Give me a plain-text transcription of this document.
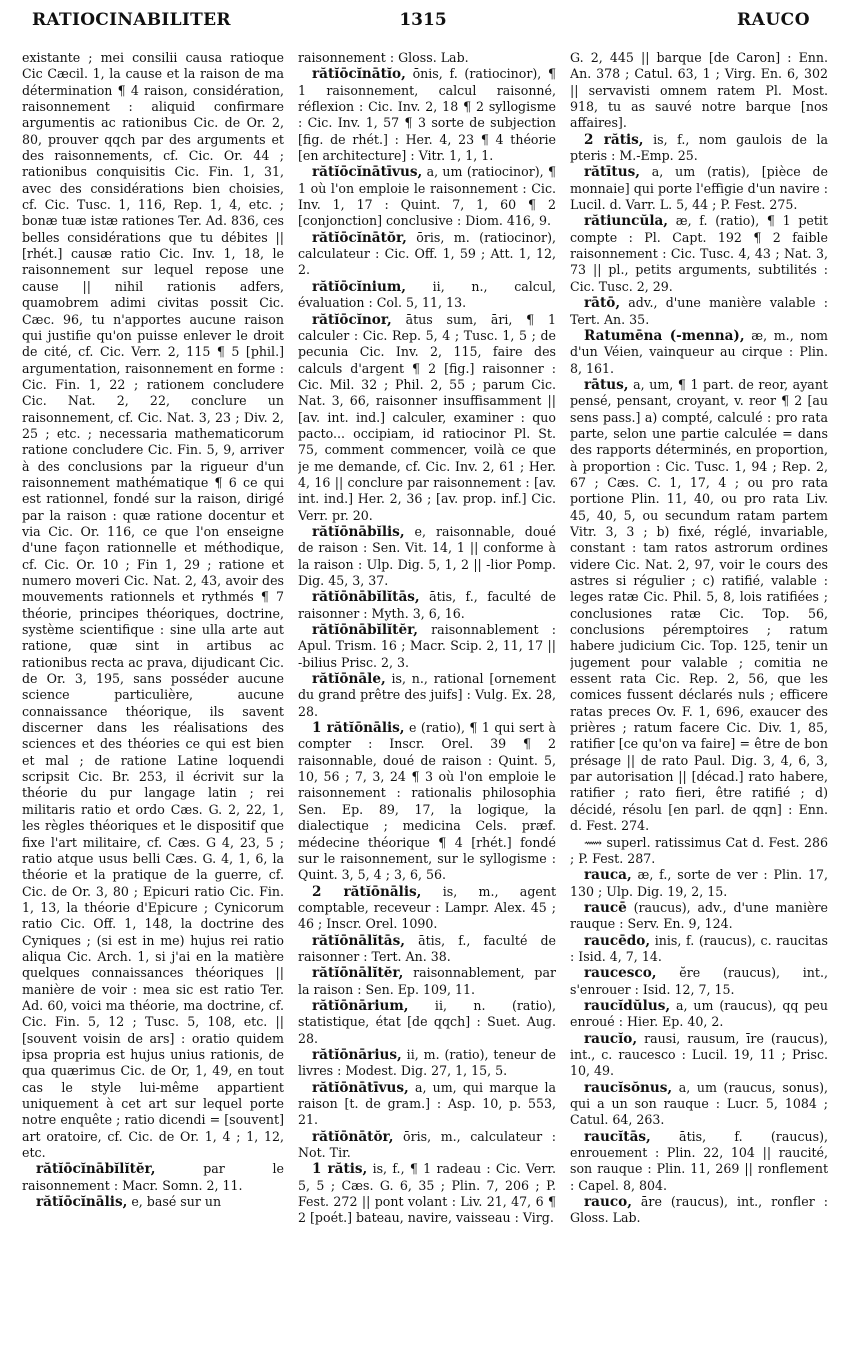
RATIOCINABILITER	1315	RAUCO

existante ; mei consilii causa ratioque Cic Cæcil. 1, la cause et la raison de ma détermination ¶ 4 raison, considération, raisonnement : aliquid confirmare argumentis ac rationibus Cic. de Or. 2, 80, prouver qqch par des arguments et des raisonnements, cf. Cic. Or. 44 ; rationibus conquisitis Cic. Fin. 1, 31, avec des considérations bien choisies, cf. Cic. Tusc. 1, 116, Rep. 1, 4, etc. ; bonæ tuæ istæ rationes Ter. Ad. 836, ces belles considérations que tu débites || [rhét.] causæ ratio Cic. Inv. 1, 18, le raisonnement sur lequel repose une cause || nihil rationis adfers, quamobrem adimi civitas possit Cic. Cæc. 96, tu n'apportes aucune raison qui justifie qu'on puisse enlever le droit de cité, cf. Cic. Verr. 2, 115 ¶ 5 [phil.] argumentation, raisonnement en forme : Cic. Fin. 1, 22 ; rationem concludere Cic. Nat. 2, 22, conclure un raisonnement, cf. Cic. Nat. 3, 23 ; Div. 2, 25 ; etc. ; necessaria mathematicorum ratione concludere Cic. Fin. 5, 9, arriver à des conclusions par la rigueur d'un raisonnement mathématique ¶ 6 ce qui est rationnel, fondé sur la raison, dirigé par la raison : quæ ratione docentur et via Cic. Or. 116, ce que l'on enseigne d'une façon rationnelle et méthodique, cf. Cic. Or. 10 ; Fin 1, 29 ; ratione et numero moveri Cic. Nat. 2, 43, avoir des mouvements rationnels et rythmés ¶ 7 théorie, principes théoriques, doctrine, système scientifique : sine ulla arte aut ratione, quæ sint in artibus ac rationibus recta ac prava, dijudicant Cic. de Or. 3, 195, sans posséder aucune science particulière, aucune connaissance théorique, ils savent discerner dans les réalisations des sciences et des théories ce qui est bien et mal ; de ratione Latine loquendi scripsit Cic. Br. 253, il écrivit sur la théorie du pur langage latin ; rei militaris ratio et ordo Cæs. G. 2, 22, 1, les règles théoriques et le dispositif que fixe l'art militaire, cf. Cæs. G 4, 23, 5 ; ratio atque usus belli Cæs. G. 4, 1, 6, la théorie et la pratique de la guerre, cf. Cic. de Or. 3, 80 ; Epicuri ratio Cic. Fin. 1, 13, la théorie d'Epicure ; Cynicorum ratio Cic. Off. 1, 148, la doctrine des Cyniques ; (si est in me) hujus rei ratio aliqua Cic. Arch. 1, si j'ai en la matière quelques connaissances théoriques || manière de voir : mea sic est ratio Ter. Ad. 60, voici ma théorie, ma doctrine, cf. Cic. Fin. 5, 12 ; Tusc. 5, 108, etc. || [souvent voisin de ars] : oratio quidem ipsa propria est hujus unius rationis, de qua quærimus Cic. de Or, 1, 49, en tout cas le style lui-même appartient uniquement à cet art sur lequel porte notre enquête ; ratio dicendi = [souvent] art oratoire, cf. Cic. de Or. 1, 4 ; 1, 12, etc.

rătĭōcĭnābĭlĭtĕr, par le raisonnement : Macr. Somn. 2, 11.

rătĭōcĭnālis, e, basé sur un

raisonnement : Gloss. Lab.

rătĭōcĭnātĭo, ōnis, f. (ratiocinor), ¶ 1 raisonnement, calcul raisonné, réflexion : Cic. Inv. 2, 18 ¶ 2 syllogisme : Cic. Inv. 1, 57 ¶ 3 sorte de subjection [fig. de rhét.] : Her. 4, 23 ¶ 4 théorie [en architecture] : Vitr. 1, 1, 1.

rătĭōcĭnātīvus, a, um (ratiocinor), ¶ 1 où l'on emploie le raisonnement : Cic. Inv. 1, 17 : Quint. 7, 1, 60 ¶ 2 [conjonction] conclusive : Diom. 416, 9.

rătĭōcĭnātŏr, ōris, m. (ratiocinor), calculateur : Cic. Off. 1, 59 ; Att. 1, 12, 2.

rătĭōcĭnium, ii, n., calcul, évaluation : Col. 5, 11, 13.

rătĭōcĭnor, ātus sum, āri, ¶ 1 calculer : Cic. Rep. 5, 4 ; Tusc. 1, 5 ; de pecunia Cic. Inv. 2, 115, faire des calculs d'argent ¶ 2 [fig.] raisonner : Cic. Mil. 32 ; Phil. 2, 55 ; parum Cic. Nat. 3, 66, raisonner insuffisamment || [av. int. ind.] calculer, examiner : quo pacto... occipiam, id ratiocinor Pl. St. 75, comment commencer, voilà ce que je me demande, cf. Cic. Inv. 2, 61 ; Her. 4, 16 || conclure par raisonnement : [av. int. ind.] Her. 2, 36 ; [av. prop. inf.] Cic. Verr. pr. 20.

rătĭōnābĭlis, e, raisonnable, doué de raison : Sen. Vit. 14, 1 || conforme à la raison : Ulp. Dig. 5, 1, 2 || -lior Pomp. Dig. 45, 3, 37.

rătĭōnābĭlĭtās, ātis, f., faculté de raisonner : Myth. 3, 6, 16.

rătĭōnābĭlĭtĕr, raisonnablement : Apul. Trism. 16 ; Macr. Scip. 2, 11, 17 || -bilius Prisc. 2, 3.

rătĭōnāle, is, n., rational [ornement du grand prêtre des juifs] : Vulg. Ex. 28, 28.

1 rătĭōnālis, e (ratio), ¶ 1 qui sert à compter : Inscr. Orel. 39 ¶ 2 raisonnable, doué de raison : Quint. 5, 10, 56 ; 7, 3, 24 ¶ 3 où l'on emploie le raisonnement : rationalis philosophia Sen. Ep. 89, 17, la logique, la dialectique ; medicina Cels. præf. médecine théorique ¶ 4 [rhét.] fondé sur le raisonnement, sur le syllogisme : Quint. 3, 5, 4 ; 3, 6, 56.

2 rătĭōnālis, is, m., agent comptable, receveur : Lampr. Alex. 45 ; 46 ; Inscr. Orel. 1090.

rătĭōnālĭtās, ātis, f., faculté de raisonner : Tert. An. 38.

rătĭōnālĭtĕr, raisonnablement, par la raison : Sen. Ep. 109, 11.

rătĭōnārium, ii, n. (ratio), statistique, état [de qqch] : Suet. Aug. 28.

rătĭōnārius, ii, m. (ratio), teneur de livres : Modest. Dig. 27, 1, 15, 5.

rătĭōnātīvus, a, um, qui marque la raison [t. de gram.] : Asp. 10, p. 553, 21.

rătĭōnātŏr, ōris, m., calculateur : Not. Tir.

1 rătis, is, f., ¶ 1 radeau : Cic. Verr. 5, 5 ; Cæs. G. 6, 35 ; Plin. 7, 206 ; P. Fest. 272 || pont volant : Liv. 21, 47, 6 ¶ 2 [poét.] bateau, navire, vaisseau : Virg.

G. 2, 445 || barque [de Caron] : Enn. An. 378 ; Catul. 63, 1 ; Virg. En. 6, 302 || servavisti omnem ratem Pl. Most. 918, tu as sauvé notre barque [nos affaires].

2 rătis, is, f., nom gaulois de la pteris : M.-Emp. 25.

rătītus, a, um (ratis), [pièce de monnaie] qui porte l'effigie d'un navire : Lucil. d. Varr. L. 5, 44 ; P. Fest. 275.

rătiuncŭla, æ, f. (ratio), ¶ 1 petit compte : Pl. Capt. 192 ¶ 2 faible raisonnement : Cic. Tusc. 4, 43 ; Nat. 3, 73 || pl., petits arguments, subtilités : Cic. Tusc. 2, 29.

rātō, adv., d'une manière valable : Tert. An. 35.

Ratumēna (-menna), æ, m., nom d'un Véien, vainqueur au cirque : Plin. 8, 161.

rātus, a, um, ¶ 1 part. de reor, ayant pensé, pensant, croyant, v. reor ¶ 2 [au sens pass.] a) compté, calculé : pro rata parte, selon une partie calculée = dans des rapports déterminés, en proportion, à proportion : Cic. Tusc. 1, 94 ; Rep. 2, 67 ; Cæs. C. 1, 17, 4 ; ou pro rata portione Plin. 11, 40, ou pro rata Liv. 45, 40, 5, ou secundum ratam partem Vitr. 3, 3 ; b) fixé, réglé, invariable, constant : tam ratos astrorum ordines videre Cic. Nat. 2, 97, voir le cours des astres si régulier ; c) ratifié, valable : leges ratæ Cic. Phil. 5, 8, lois ratifiées ; conclusiones ratæ Cic. Top. 56, conclusions péremptoires ; ratum habere judicium Cic. Top. 125, tenir un jugement pour valable ; comitia ne essent rata Cic. Rep. 2, 56, que les comices fussent déclarés nuls ; efficere ratas preces Ov. F. 1, 696, exaucer des prières ; ratum facere Cic. Div. 1, 85, ratifier [ce qu'on va faire] = être de bon présage || de rato Paul. Dig. 3, 4, 6, 3, par autorisation || [décad.] rato habere, ratifier ; rato fieri, être ratifié ; d) décidé, résolu [en parl. de qqn] : Enn. d. Fest. 274.

⟿ superl. ratissimus Cat d. Fest. 286 ; P. Fest. 287.

rauca, æ, f., sorte de ver : Plin. 17, 130 ; Ulp. Dig. 19, 2, 15.

raucē (raucus), adv., d'une manière rauque : Serv. En. 9, 124.

raucēdo, inis, f. (raucus), c. raucitas : Isid. 4, 7, 14.

raucesco, ĕre (raucus), int., s'enrouer : Isid. 12, 7, 15.

raucĭdŭlus, a, um (raucus), qq peu enroué : Hier. Ep. 40, 2.

raucĭo, rausi, rausum, īre (raucus), int., c. raucesco : Lucil. 19, 11 ; Prisc. 10, 49.

raucĭsŏnus, a, um (raucus, sonus), qui a un son rauque : Lucr. 5, 1084 ; Catul. 64, 263.

raucĭtās, ātis, f. (raucus), enrouement : Plin. 22, 104 || raucité, son rauque : Plin. 11, 269 || ronflement : Capel. 8, 804.

rauco, āre (raucus), int., ronfler : Gloss. Lab.
